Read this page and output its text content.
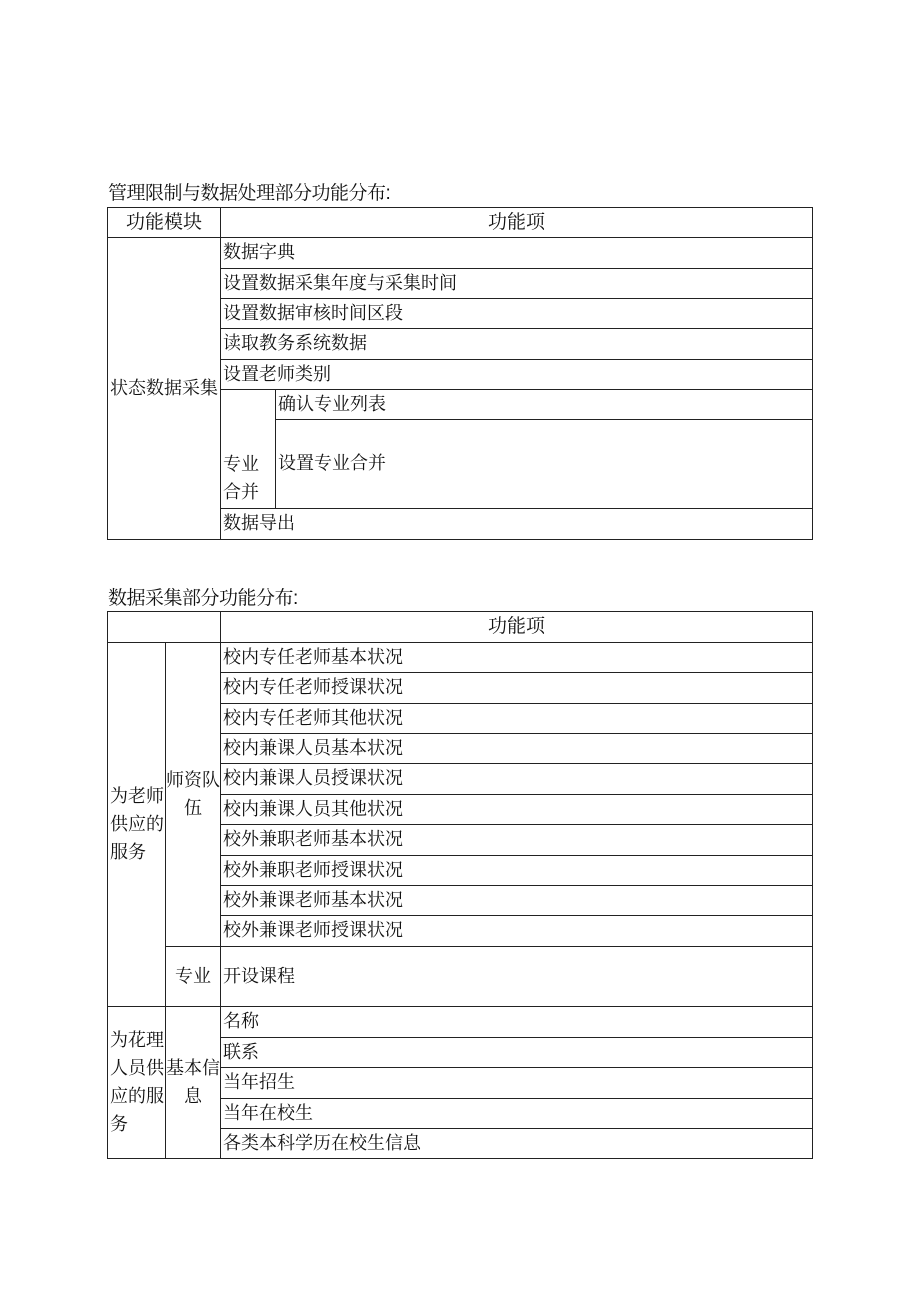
管理限制与数据处理部分功能分布:
功能模块	功能项	
状态数据采集	数据字典	
	设置数据采集年度与采集时间	
	设置数据审核时间区段	
	读取教务系统数据	
	设置老师类别	
	专业合并	确认专业列表
		设置专业合并
	数据导出	
数据采集部分功能分布:
		功能项
为老师供应的服务	师资队伍	校内专任老师基本状况
		校内专任老师授课状况
		校内专任老师其他状况
		校内兼课人员基本状况
		校内兼课人员授课状况
		校内兼课人员其他状况
		校外兼职老师基本状况
		校外兼职老师授课状况
		校外兼课老师基本状况
		校外兼课老师授课状况
	专业	开设课程
为花理人员供应的服务	基本信息	名称
		联系
		当年招生
		当年在校生
		各类本科学历在校生信息
